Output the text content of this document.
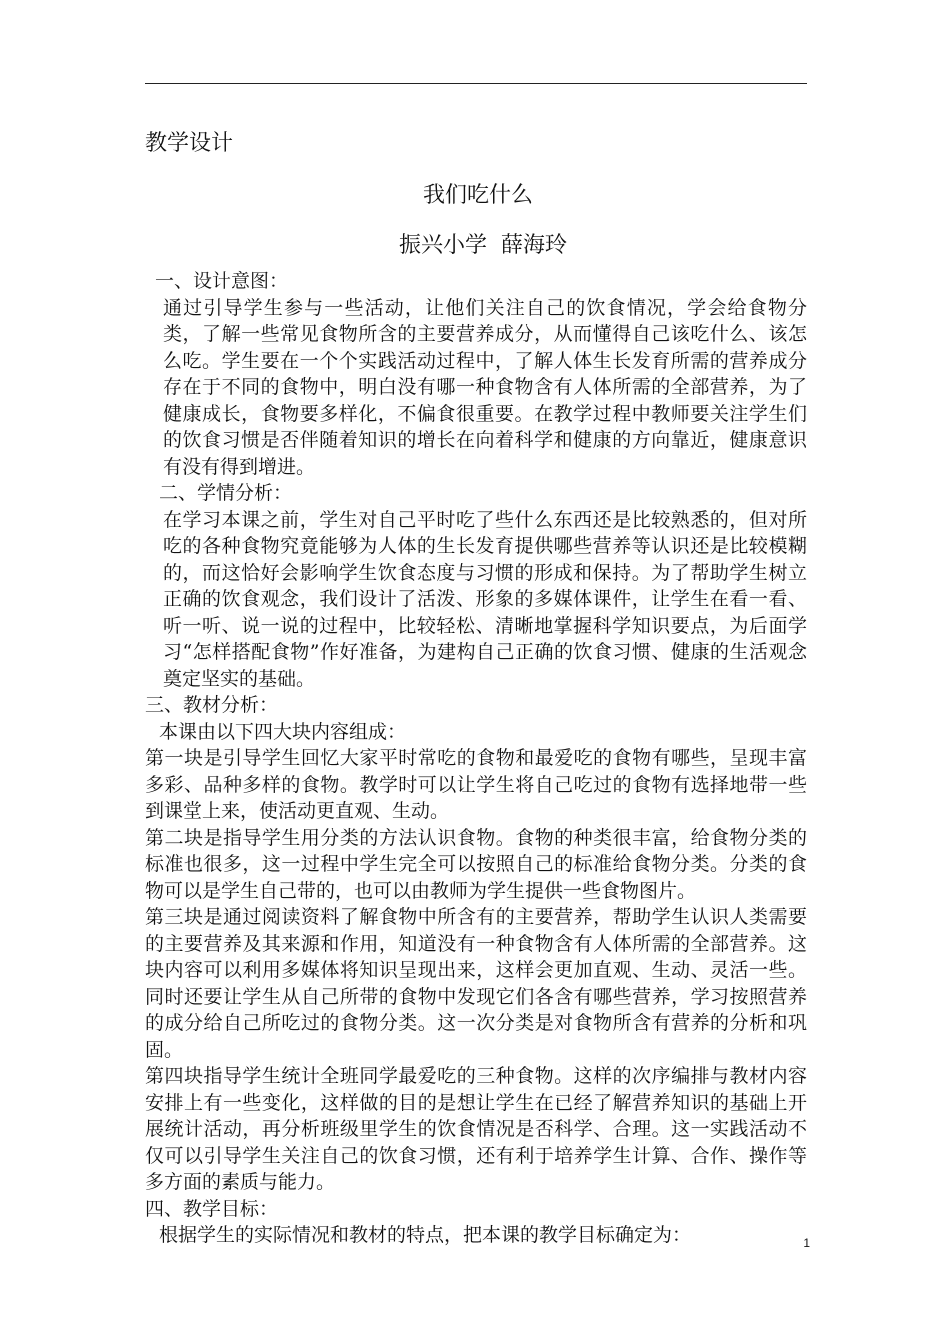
教学设计
我们吃什么
振兴小学  薛海玲
一、设计意图：
通过引导学生参与一些活动，让他们关注自己的饮食情况，学会给食物分类，了解一些常见食物所含的主要营养成分，从而懂得自己该吃什么、该怎么吃。学生要在一个个实践活动过程中，了解人体生长发育所需的营养成分存在于不同的食物中，明白没有哪一种食物含有人体所需的全部营养，为了健康成长，食物要多样化，不偏食很重要。在教学过程中教师要关注学生们的饮食习惯是否伴随着知识的增长在向着科学和健康的方向靠近，健康意识有没有得到增进。
二、学情分析：
在学习本课之前，学生对自己平时吃了些什么东西还是比较熟悉的，但对所吃的各种食物究竟能够为人体的生长发育提供哪些营养等认识还是比较模糊的，而这恰好会影响学生饮食态度与习惯的形成和保持。为了帮助学生树立正确的饮食观念，我们设计了活泼、形象的多媒体课件，让学生在看一看、听一听、说一说的过程中，比较轻松、清晰地掌握科学知识要点，为后面学习“怎样搭配食物”作好准备，为建构自己正确的饮食习惯、健康的生活观念奠定坚实的基础。
三、教材分析：
本课由以下四大块内容组成：
第一块是引导学生回忆大家平时常吃的食物和最爱吃的食物有哪些，呈现丰富多彩、品种多样的食物。教学时可以让学生将自己吃过的食物有选择地带一些到课堂上来，使活动更直观、生动。
第二块是指导学生用分类的方法认识食物。食物的种类很丰富，给食物分类的标准也很多，这一过程中学生完全可以按照自己的标准给食物分类。分类的食物可以是学生自己带的，也可以由教师为学生提供一些食物图片。
第三块是通过阅读资料了解食物中所含有的主要营养，帮助学生认识人类需要的主要营养及其来源和作用，知道没有一种食物含有人体所需的全部营养。这块内容可以利用多媒体将知识呈现出来，这样会更加直观、生动、灵活一些。同时还要让学生从自己所带的食物中发现它们各含有哪些营养，学习按照营养的成分给自己所吃过的食物分类。这一次分类是对食物所含有营养的分析和巩固。
第四块指导学生统计全班同学最爱吃的三种食物。这样的次序编排与教材内容安排上有一些变化，这样做的目的是想让学生在已经了解营养知识的基础上开展统计活动，再分析班级里学生的饮食情况是否科学、合理。这一实践活动不仅可以引导学生关注自己的饮食习惯，还有利于培养学生计算、合作、操作等多方面的素质与能力。
四、教学目标：
根据学生的实际情况和教材的特点，把本课的教学目标确定为：	1
